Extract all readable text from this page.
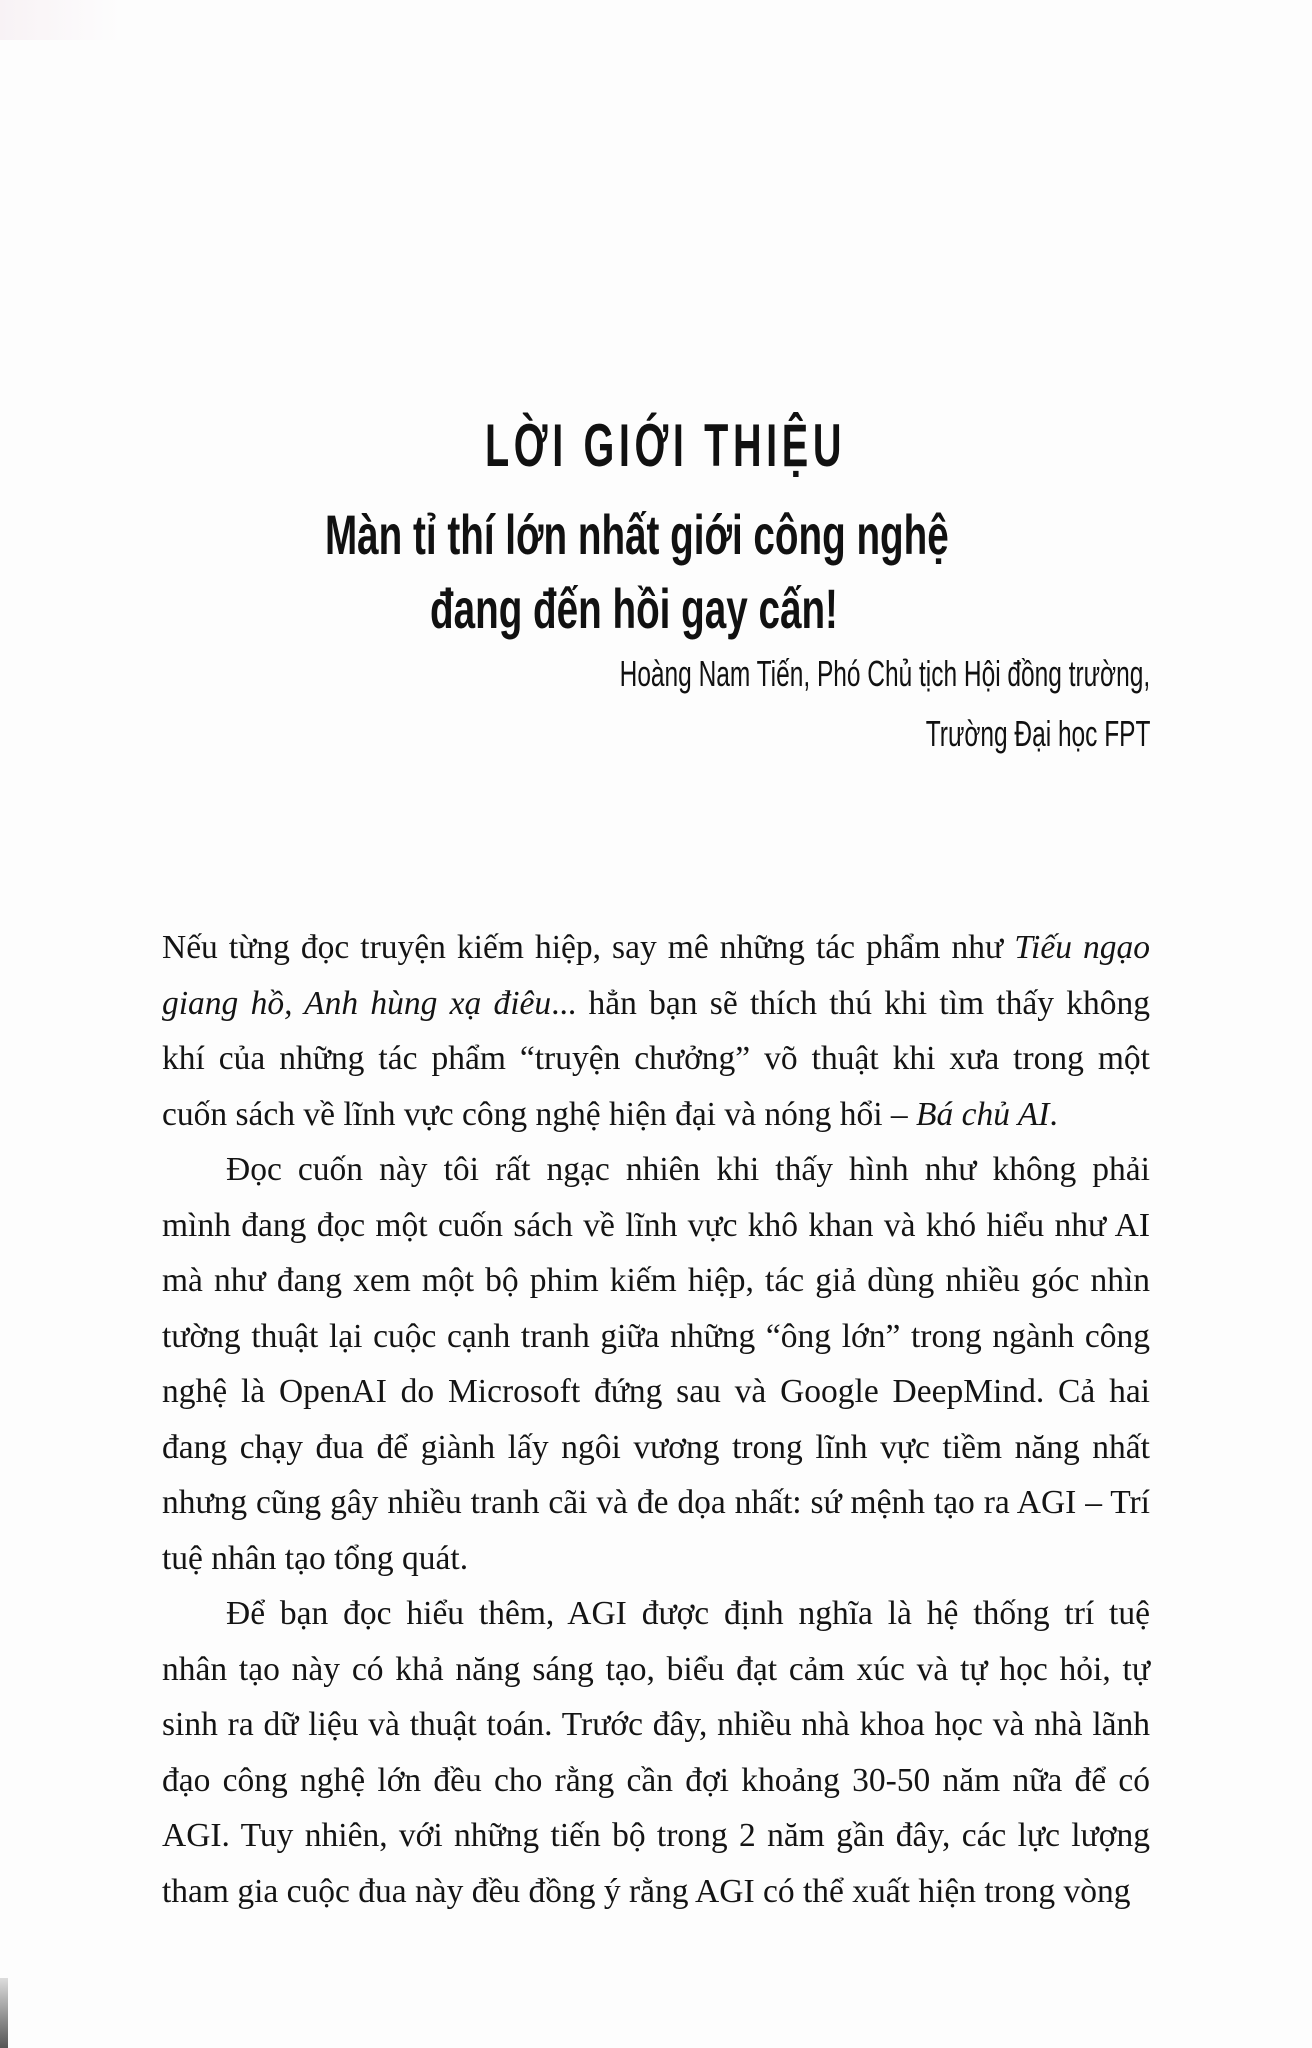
LỜI GIỚI THIỆU
Màn tỉ thí lớn nhất giới công nghệ
đang đến hồi gay cấn!
Hoàng Nam Tiến, Phó Chủ tịch Hội đồng trường,
Trường Đại học FPT
Nếu từng đọc truyện kiếm hiệp, say mê những tác phẩm như Tiếu ngạo
giang hồ, Anh hùng xạ điêu... hẳn bạn sẽ thích thú khi tìm thấy không
khí của những tác phẩm “truyện chưởng” võ thuật khi xưa trong một
cuốn sách về lĩnh vực công nghệ hiện đại và nóng hổi – Bá chủ AI.
Đọc cuốn này tôi rất ngạc nhiên khi thấy hình như không phải
mình đang đọc một cuốn sách về lĩnh vực khô khan và khó hiểu như AI
mà như đang xem một bộ phim kiếm hiệp, tác giả dùng nhiều góc nhìn
tường thuật lại cuộc cạnh tranh giữa những “ông lớn” trong ngành công
nghệ là OpenAI do Microsoft đứng sau và Google DeepMind. Cả hai
đang chạy đua để giành lấy ngôi vương trong lĩnh vực tiềm năng nhất
nhưng cũng gây nhiều tranh cãi và đe dọa nhất: sứ mệnh tạo ra AGI – Trí
tuệ nhân tạo tổng quát.
Để bạn đọc hiểu thêm, AGI được định nghĩa là hệ thống trí tuệ
nhân tạo này có khả năng sáng tạo, biểu đạt cảm xúc và tự học hỏi, tự
sinh ra dữ liệu và thuật toán. Trước đây, nhiều nhà khoa học và nhà lãnh
đạo công nghệ lớn đều cho rằng cần đợi khoảng 30-50 năm nữa để có
AGI. Tuy nhiên, với những tiến bộ trong 2 năm gần đây, các lực lượng
tham gia cuộc đua này đều đồng ý rằng AGI có thể xuất hiện trong vòng
